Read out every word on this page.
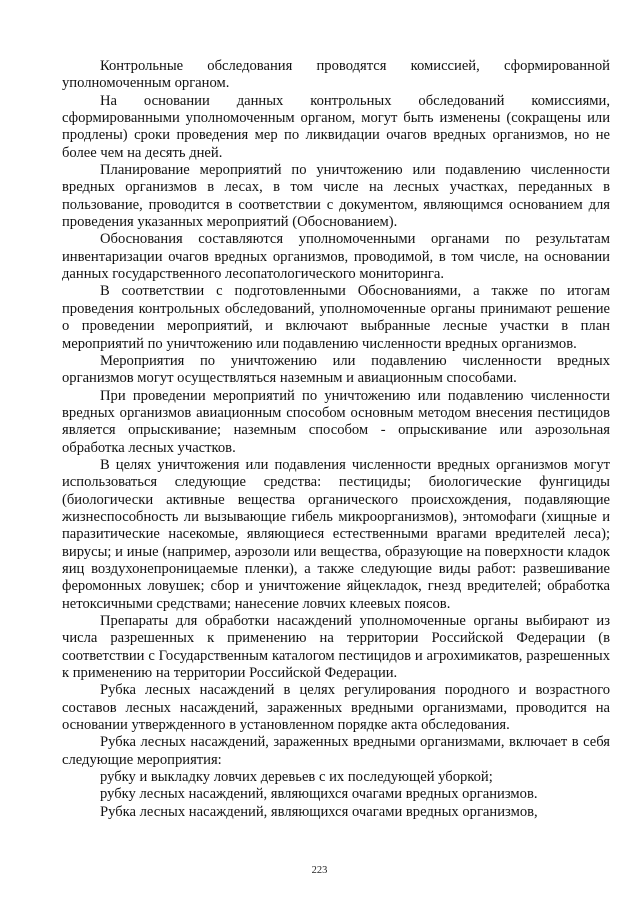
Контрольные обследования проводятся комиссией, сформированной уполномоченным органом.

На основании данных контрольных обследований комиссиями, сформированными уполномоченным органом, могут быть изменены (сокращены или продлены) сроки проведения мер по ликвидации очагов вредных организмов, но не более чем на десять дней.

Планирование мероприятий по уничтожению или подавлению численности вредных организмов в лесах, в том числе на лесных участках, переданных в пользование, проводится в соответствии с документом, являющимся основанием для проведения указанных мероприятий (Обоснованием).

Обоснования составляются уполномоченными органами по результатам инвентаризации очагов вредных организмов, проводимой, в том числе, на основании данных государственного лесопатологического мониторинга.

В соответствии с подготовленными Обоснованиями, а также по итогам проведения контрольных обследований, уполномоченные органы принимают решение о проведении мероприятий, и включают выбранные лесные участки в план мероприятий по уничтожению или подавлению численности вредных организмов.

Мероприятия по уничтожению или подавлению численности вредных организмов могут осуществляться наземным и авиационным способами.

При проведении мероприятий по уничтожению или подавлению численности вредных организмов авиационным способом основным методом внесения пестицидов является опрыскивание; наземным способом - опрыскивание или аэрозольная обработка лесных участков.

В целях уничтожения или подавления численности вредных организмов могут использоваться следующие средства: пестициды; биологические фунгициды (биологически активные вещества органического происхождения, подавляющие жизнеспособность ли вызывающие гибель микроорганизмов), энтомофаги (хищные и паразитические насекомые, являющиеся естественными врагами вредителей леса); вирусы; и иные (например, аэрозоли или вещества, образующие на поверхности кладок яиц воздухонепроницаемые пленки), а также следующие виды работ: развешивание феромонных ловушек; сбор и уничтожение яйцекладок, гнезд вредителей; обработка нетоксичными средствами; нанесение ловчих клеевых поясов.

Препараты для обработки насаждений уполномоченные органы выбирают из числа разрешенных к применению на территории Российской Федерации (в соответствии с Государственным каталогом пестицидов и агрохимикатов, разрешенных к применению на территории Российской Федерации.

Рубка лесных насаждений в целях регулирования породного и возрастного составов лесных насаждений, зараженных вредными организмами, проводится на основании утвержденного в установленном порядке акта обследования.

Рубка лесных насаждений, зараженных вредными организмами, включает в себя следующие мероприятия:

рубку и выкладку ловчих деревьев с их последующей уборкой;

рубку лесных насаждений, являющихся очагами вредных организмов.

Рубка лесных насаждений, являющихся очагами вредных организмов,

223
